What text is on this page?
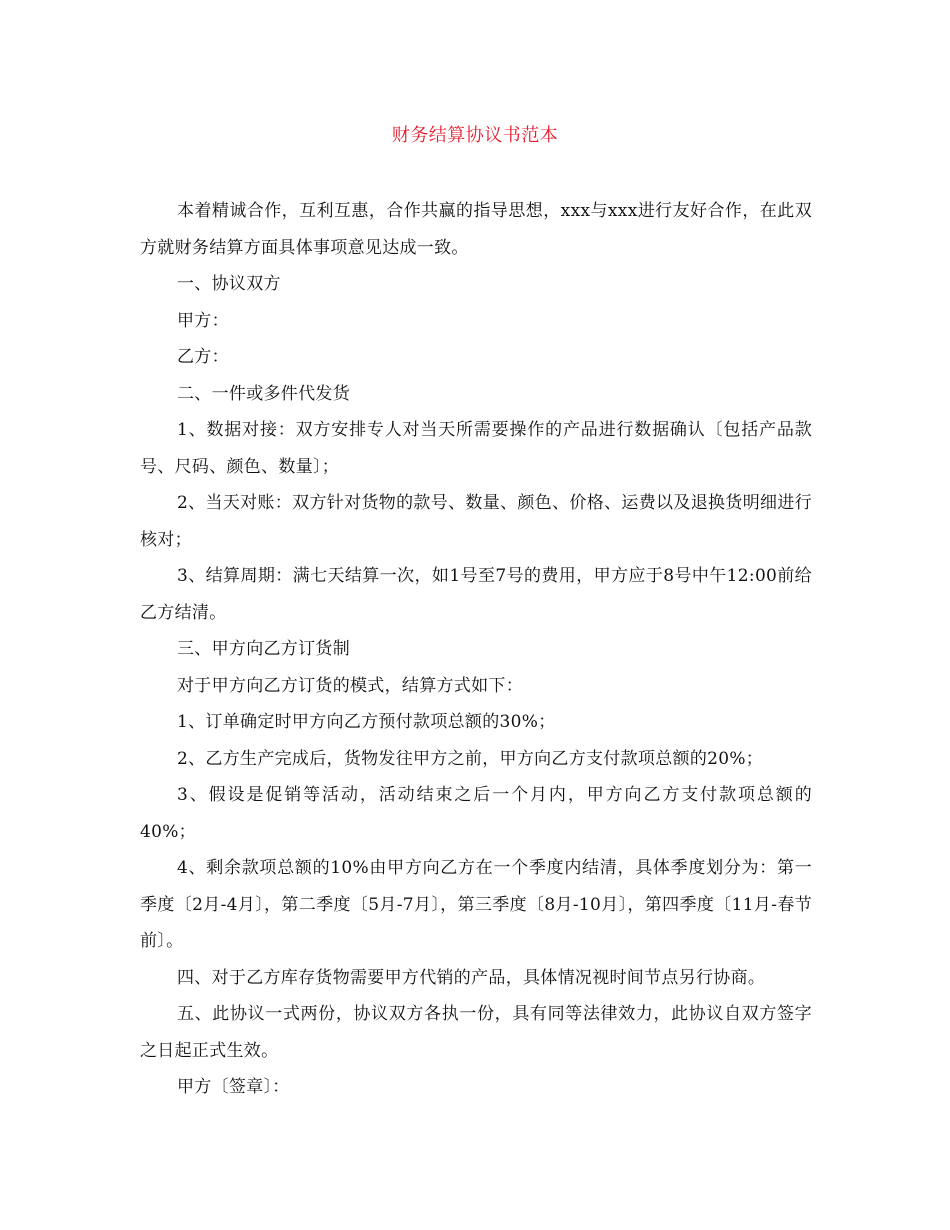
财务结算协议书范本

本着精诚合作，互利互惠，合作共赢的指导思想，xxx与xxx进行友好合作，在此双方就财务结算方面具体事项意见达成一致。

一、协议双方

甲方：

乙方：

二、一件或多件代发货

1、数据对接：双方安排专人对当天所需要操作的产品进行数据确认〔包括产品款号、尺码、颜色、数量〕；

2、当天对账：双方针对货物的款号、数量、颜色、价格、运费以及退换货明细进行核对；

3、结算周期：满七天结算一次，如1号至7号的费用，甲方应于8号中午12:00前给乙方结清。

三、甲方向乙方订货制

对于甲方向乙方订货的模式，结算方式如下：

1、订单确定时甲方向乙方预付款项总额的30%；

2、乙方生产完成后，货物发往甲方之前，甲方向乙方支付款项总额的20%；

3、假设是促销等活动，活动结束之后一个月内，甲方向乙方支付款项总额的40%；

4、剩余款项总额的10%由甲方向乙方在一个季度内结清，具体季度划分为：第一季度〔2月-4月〕，第二季度〔5月-7月〕，第三季度〔8月-10月〕，第四季度〔11月-春节前〕。

四、对于乙方库存货物需要甲方代销的产品，具体情况视时间节点另行协商。

五、此协议一式两份，协议双方各执一份，具有同等法律效力，此协议自双方签字之日起正式生效。

甲方〔签章〕：
